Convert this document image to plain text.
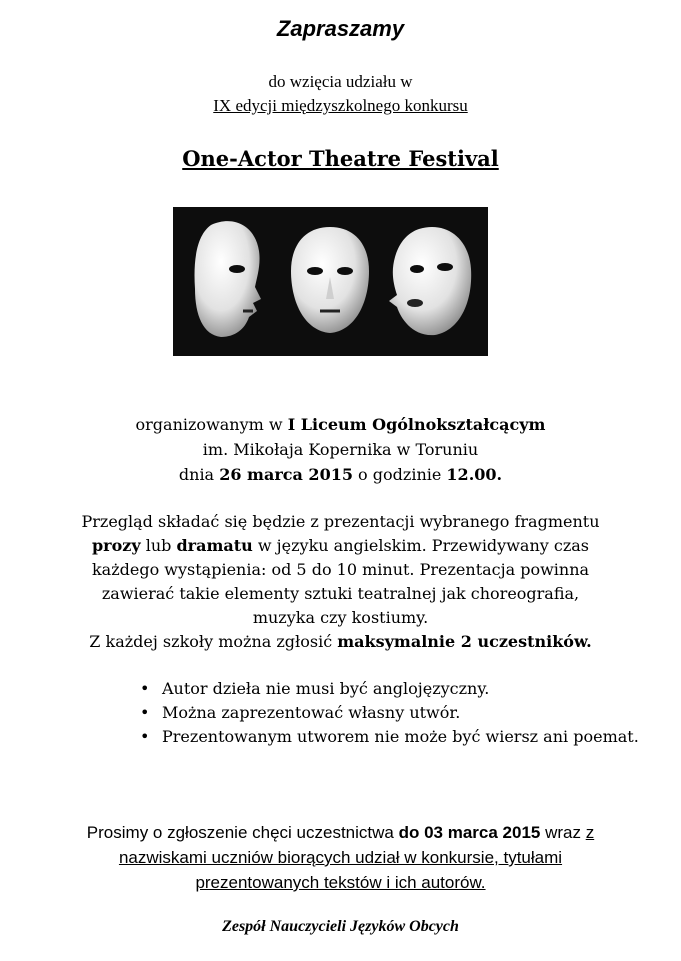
Zapraszamy
do wzięcia udziału w
IX edycji międzyszkolnego konkursu
One-Actor Theatre Festival
organizowanym w I Liceum Ogólnokształcącym
im. Mikołaja Kopernika w Toruniu
dnia 26 marca 2015 o godzinie 12.00.
Przegląd składać się będzie z prezentacji wybranego fragmentu
prozy lub dramatu w języku angielskim. Przewidywany czas
każdego wystąpienia: od 5 do 10 minut. Prezentacja powinna
zawierać takie elementy sztuki teatralnej jak choreografia,
muzyka czy kostiumy.
Z każdej szkoły można zgłosić maksymalnie 2 uczestników.
• Autor dzieła nie musi być anglojęzyczny.
• Można zaprezentować własny utwór.
• Prezentowanym utworem nie może być wiersz ani poemat.
Prosimy o zgłoszenie chęci uczestnictwa do 03 marca 2015 wraz z
nazwiskami uczniów biorących udział w konkursie, tytułami
prezentowanych tekstów i ich autorów.
Zespół Nauczycieli Języków Obcych
